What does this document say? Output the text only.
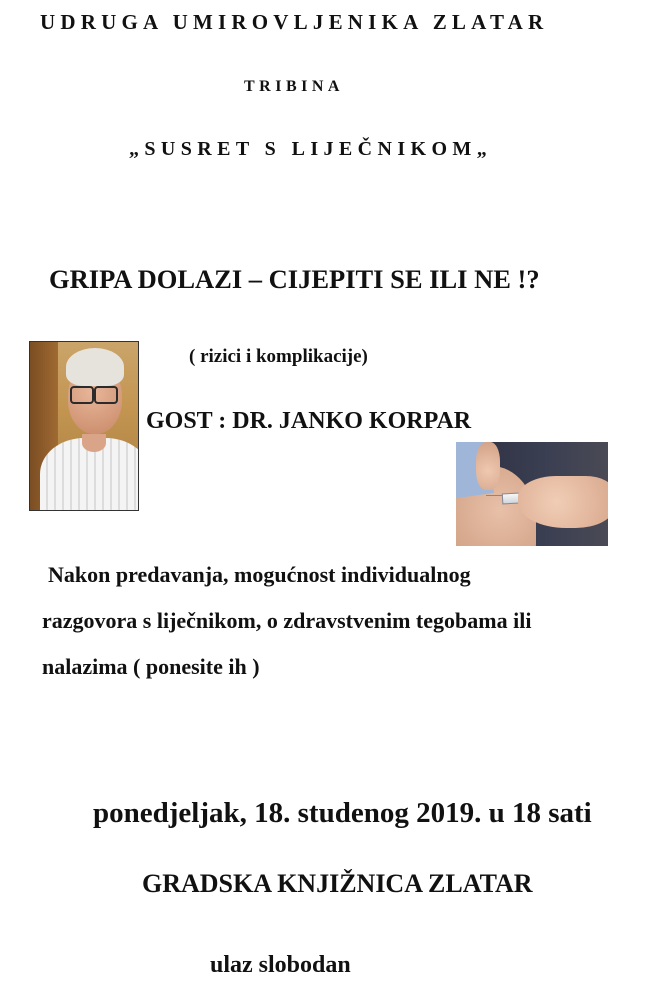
UDRUGA UMIROVLJENIKA ZLATAR
TRIBINA
„SUSRET S LIJEČNIKOM„
GRIPA DOLAZI – CIJEPITI SE ILI NE !?
( rizici i komplikacije)
GOST : DR. JANKO KORPAR
Nakon predavanja, mogućnost individualnog
razgovora s liječnikom, o zdravstvenim tegobama ili
nalazima ( ponesite ih )
ponedjeljak, 18. studenog 2019. u 18 sati
GRADSKA KNJIŽNICA ZLATAR
ulaz slobodan
